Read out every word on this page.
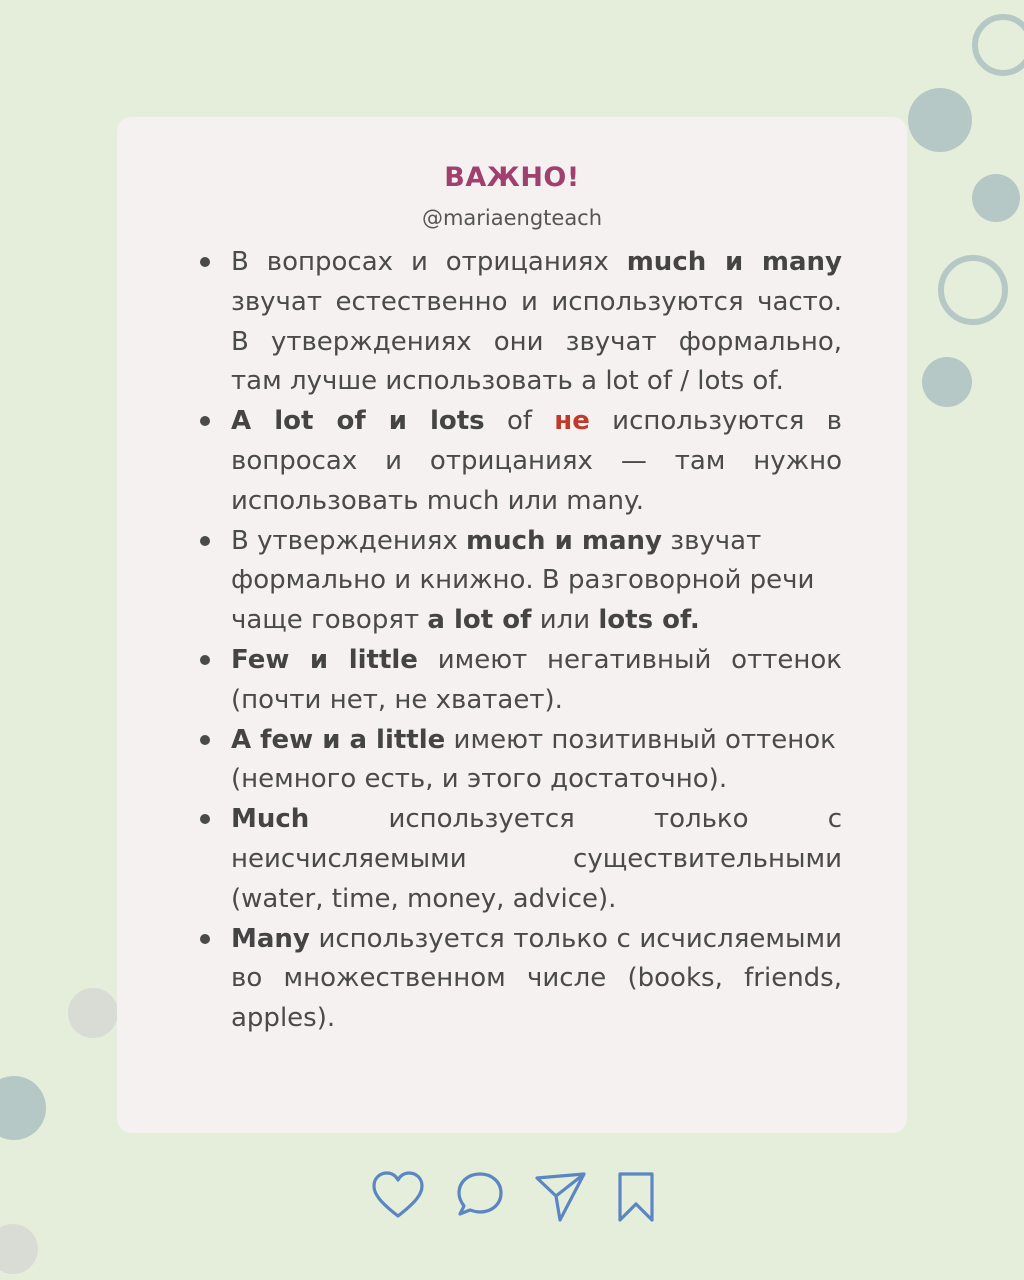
ВАЖНО!
@mariaengteach
В вопросах и отрицаниях much и many звучат естественно и используются часто. В утверждениях они звучат формально, там лучше использовать a lot of / lots of.
A lot of и lots of не используются в вопросах и отрицаниях — там нужно использовать much или many.
В утверждениях much и many звучат формально и книжно. В разговорной речи чаще говорят a lot of или lots of.
Few и little имеют негативный оттенок (почти нет, не хватает).
A few и a little имеют позитивный оттенок (немного есть, и этого достаточно).
Much используется только с неисчисляемыми существительными (water, time, money, advice).
Many используется только с исчисляемыми во множественном числе (books, friends, apples).
